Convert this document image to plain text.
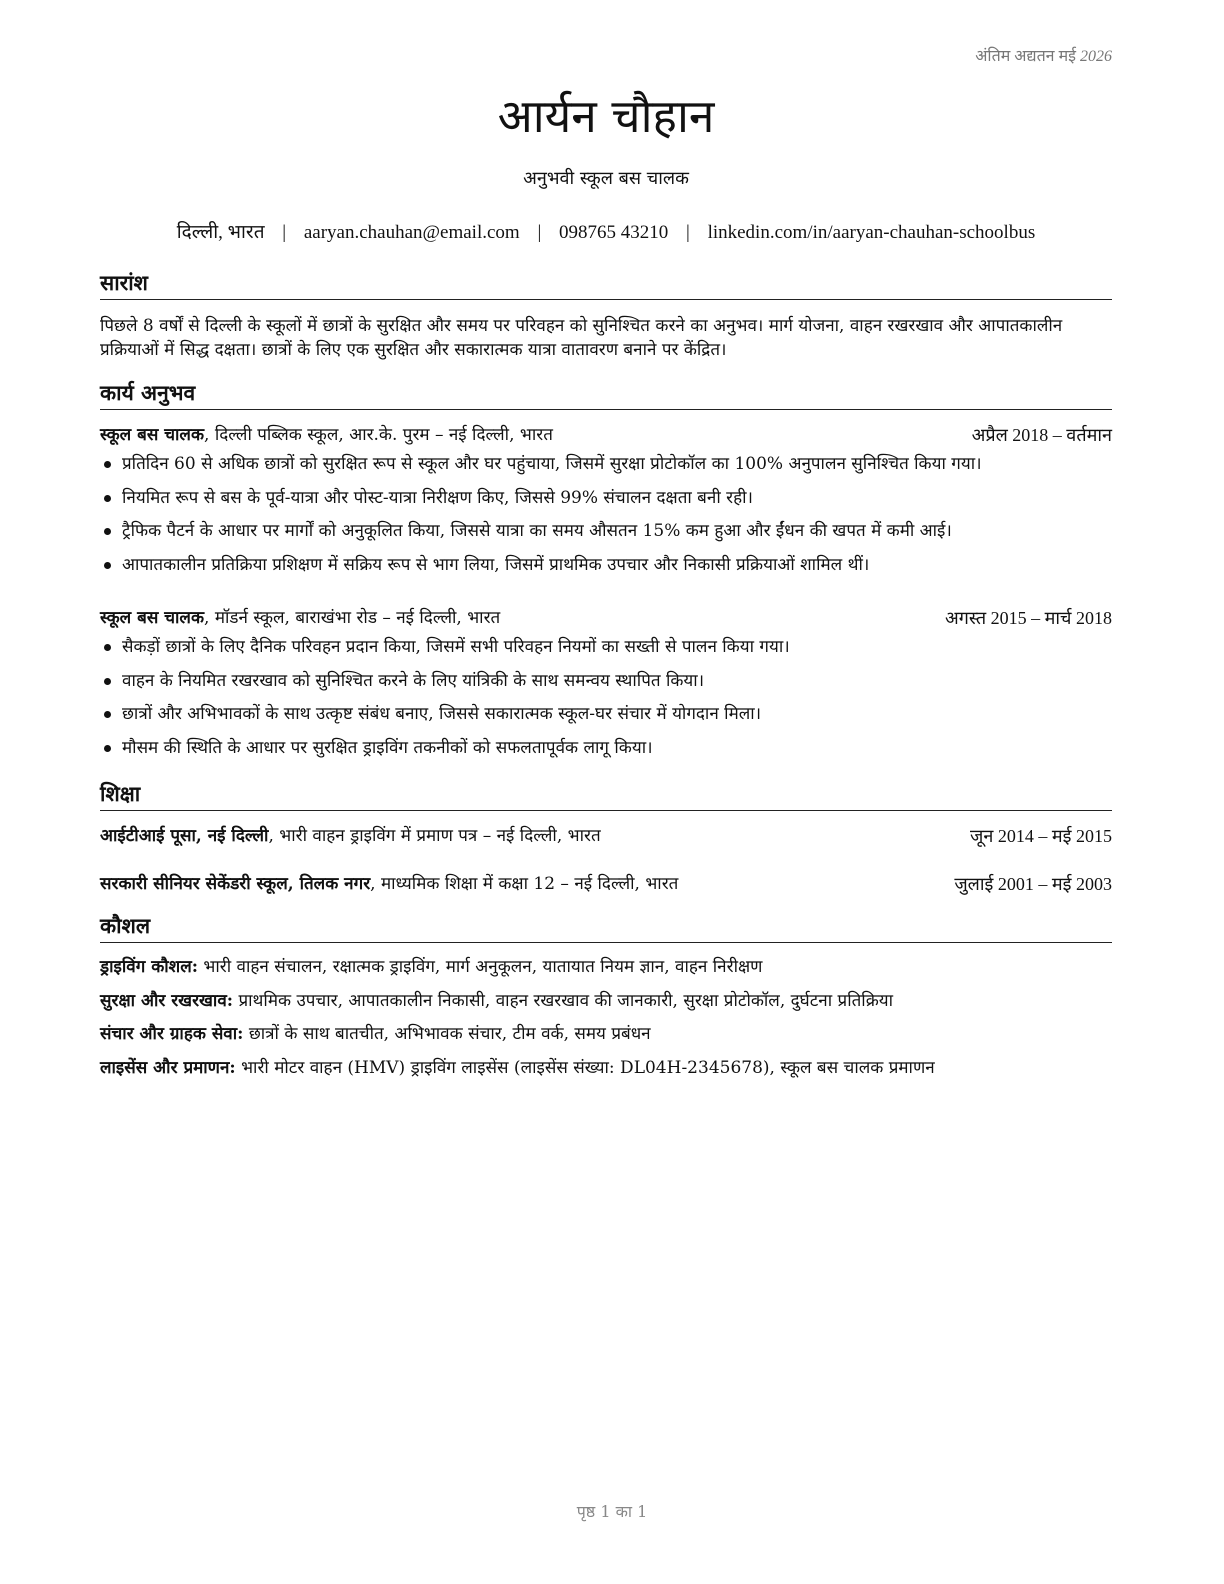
अंतिम अद्यतन मई 2026
आर्यन चौहान
अनुभवी स्कूल बस चालक
दिल्ली, भारत | aaryan.chauhan@email.com | 098765 43210 | linkedin.com/in/aaryan-chauhan-schoolbus
सारांश

पिछले 8 वर्षों से दिल्ली के स्कूलों में छात्रों के सुरक्षित और समय पर परिवहन को सुनिश्चित करने का अनुभव। मार्ग योजना, वाहन रखरखाव और आपातकालीन प्रक्रियाओं में सिद्ध दक्षता। छात्रों के लिए एक सुरक्षित और सकारात्मक यात्रा वातावरण बनाने पर केंद्रित।

कार्य अनुभव
स्कूल बस चालक, दिल्ली पब्लिक स्कूल, आर.के. पुरम – नई दिल्ली, भारत	अप्रैल 2018 – वर्तमान
प्रतिदिन 60 से अधिक छात्रों को सुरक्षित रूप से स्कूल और घर पहुंचाया, जिसमें सुरक्षा प्रोटोकॉल का 100% अनुपालन सुनिश्चित किया गया।
नियमित रूप से बस के पूर्व-यात्रा और पोस्ट-यात्रा निरीक्षण किए, जिससे 99% संचालन दक्षता बनी रही।
ट्रैफिक पैटर्न के आधार पर मार्गों को अनुकूलित किया, जिससे यात्रा का समय औसतन 15% कम हुआ और ईंधन की खपत में कमी आई।
आपातकालीन प्रतिक्रिया प्रशिक्षण में सक्रिय रूप से भाग लिया, जिसमें प्राथमिक उपचार और निकासी प्रक्रियाओं शामिल थीं।
स्कूल बस चालक, मॉडर्न स्कूल, बाराखंभा रोड – नई दिल्ली, भारत	अगस्त 2015 – मार्च 2018
सैकड़ों छात्रों के लिए दैनिक परिवहन प्रदान किया, जिसमें सभी परिवहन नियमों का सख्ती से पालन किया गया।
वाहन के नियमित रखरखाव को सुनिश्चित करने के लिए यांत्रिकी के साथ समन्वय स्थापित किया।
छात्रों और अभिभावकों के साथ उत्कृष्ट संबंध बनाए, जिससे सकारात्मक स्कूल-घर संचार में योगदान मिला।
मौसम की स्थिति के आधार पर सुरक्षित ड्राइविंग तकनीकों को सफलतापूर्वक लागू किया।
शिक्षा
आईटीआई पूसा, नई दिल्ली, भारी वाहन ड्राइविंग में प्रमाण पत्र – नई दिल्ली, भारत	जून 2014 – मई 2015
सरकारी सीनियर सेकेंडरी स्कूल, तिलक नगर, माध्यमिक शिक्षा में कक्षा 12 – नई दिल्ली, भारत	जुलाई 2001 – मई 2003
कौशल
ड्राइविंग कौशल: भारी वाहन संचालन, रक्षात्मक ड्राइविंग, मार्ग अनुकूलन, यातायात नियम ज्ञान, वाहन निरीक्षण
सुरक्षा और रखरखाव: प्राथमिक उपचार, आपातकालीन निकासी, वाहन रखरखाव की जानकारी, सुरक्षा प्रोटोकॉल, दुर्घटना प्रतिक्रिया
संचार और ग्राहक सेवा: छात्रों के साथ बातचीत, अभिभावक संचार, टीम वर्क, समय प्रबंधन
लाइसेंस और प्रमाणन: भारी मोटर वाहन (HMV) ड्राइविंग लाइसेंस (लाइसेंस संख्या: DL04H-2345678), स्कूल बस चालक प्रमाणन
पृष्ठ 1 का 1
